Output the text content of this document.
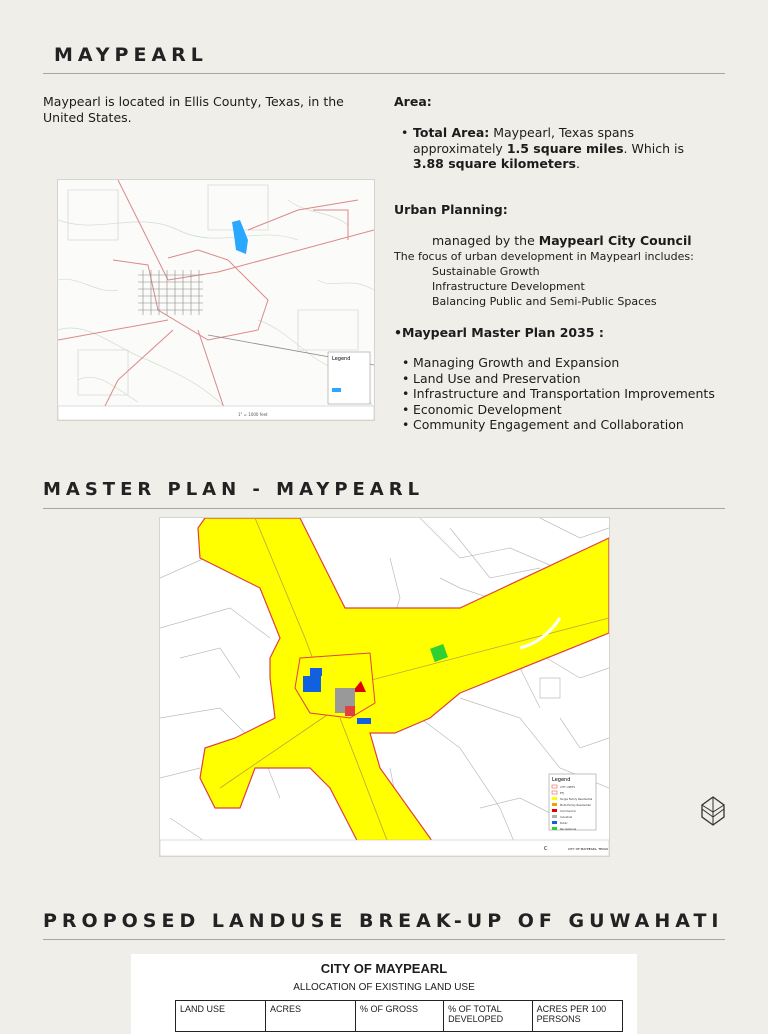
MAYPEARL
Maypearl is located in Ellis County, Texas, in the United States.
Legend
1" = 1000 feet
Area:
• Total Area: Maypearl, Texas spans approximately 1.5 square miles. Which is 3.88 square kilometers.
Urban Planning:
managed by the Maypearl City Council
The focus of urban development in Maypearl includes:
Sustainable Growth
Infrastructure Development
Balancing Public and Semi-Public Spaces
•Maypearl Master Plan 2035 :
• Managing Growth and Expansion
• Land Use and Preservation
• Infrastructure and Transportation Improvements
• Economic Development
• Community Engagement and Collaboration
MASTER PLAN - MAYPEARL
Legend
CITY LIMITS
ETJ
Single Family Residential
Multi-Family Residential
Commercial
Industrial
Public
Recreational
C	CITY OF MAYPEARL, TEXAS
PROPOSED LANDUSE BREAK-UP OF GUWAHATI
CITY OF MAYPEARL
ALLOCATION OF EXISTING LAND USE
LAND USE	ACRES	% OF GROSS	% OF TOTAL DEVELOPED	ACRES PER 100 PERSONS
